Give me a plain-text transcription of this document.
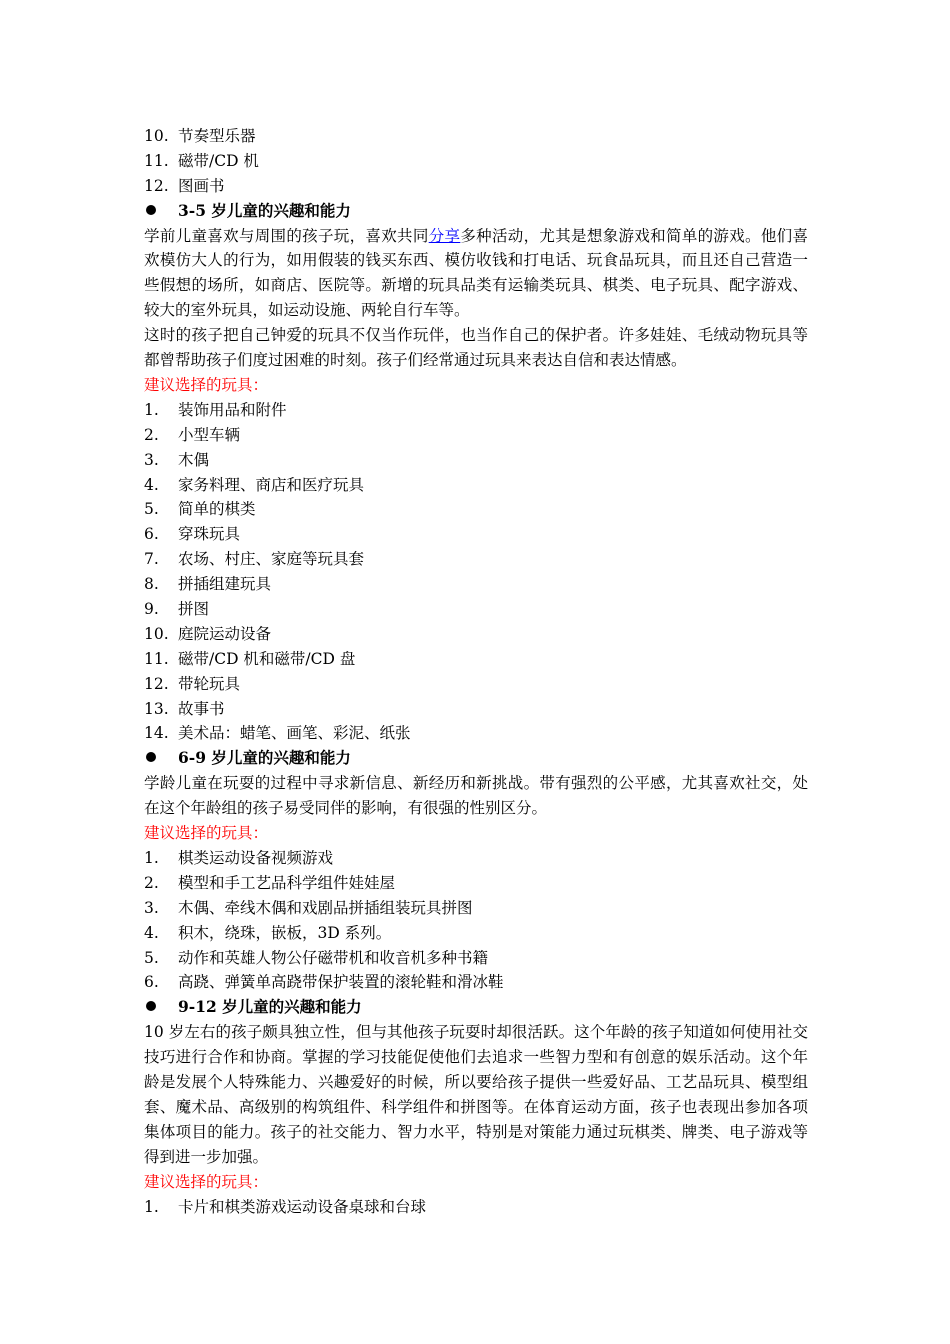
10. 节奏型乐器
11. 磁带/CD 机
12. 图画书
3-5 岁儿童的兴趣和能力
学前儿童喜欢与周围的孩子玩，喜欢共同分享多种活动，尤其是想象游戏和简单的游戏。他们喜欢模仿大人的行为，如用假装的钱买东西、模仿收钱和打电话、玩食品玩具，而且还自己营造一些假想的场所，如商店、医院等。新增的玩具品类有运输类玩具、棋类、电子玩具、配字游戏、较大的室外玩具，如运动设施、两轮自行车等。
这时的孩子把自己钟爱的玩具不仅当作玩伴，也当作自己的保护者。许多娃娃、毛绒动物玩具等都曾帮助孩子们度过困难的时刻。孩子们经常通过玩具来表达自信和表达情感。
建议选择的玩具：
1. 装饰用品和附件
2. 小型车辆
3. 木偶
4. 家务料理、商店和医疗玩具
5. 简单的棋类
6. 穿珠玩具
7. 农场、村庄、家庭等玩具套
8. 拼插组建玩具
9. 拼图
10. 庭院运动设备
11. 磁带/CD 机和磁带/CD 盘
12. 带轮玩具
13. 故事书
14. 美术品：蜡笔、画笔、彩泥、纸张
6-9 岁儿童的兴趣和能力
学龄儿童在玩耍的过程中寻求新信息、新经历和新挑战。带有强烈的公平感，尤其喜欢社交，处在这个年龄组的孩子易受同伴的影响，有很强的性别区分。
建议选择的玩具：
1. 棋类运动设备视频游戏
2. 模型和手工艺品科学组件娃娃屋
3. 木偶、牵线木偶和戏剧品拼插组装玩具拼图
4. 积木，绕珠，嵌板，3D 系列。
5. 动作和英雄人物公仔磁带机和收音机多种书籍
6. 高跷、弹簧单高跷带保护装置的滚轮鞋和滑冰鞋
9-12 岁儿童的兴趣和能力
10 岁左右的孩子颇具独立性，但与其他孩子玩耍时却很活跃。这个年龄的孩子知道如何使用社交技巧进行合作和协商。掌握的学习技能促使他们去追求一些智力型和有创意的娱乐活动。这个年龄是发展个人特殊能力、兴趣爱好的时候，所以要给孩子提供一些爱好品、工艺品玩具、模型组套、魔术品、高级别的构筑组件、科学组件和拼图等。在体育运动方面，孩子也表现出参加各项集体项目的能力。孩子的社交能力、智力水平，特别是对策能力通过玩棋类、牌类、电子游戏等得到进一步加强。
建议选择的玩具：
1. 卡片和棋类游戏运动设备桌球和台球
